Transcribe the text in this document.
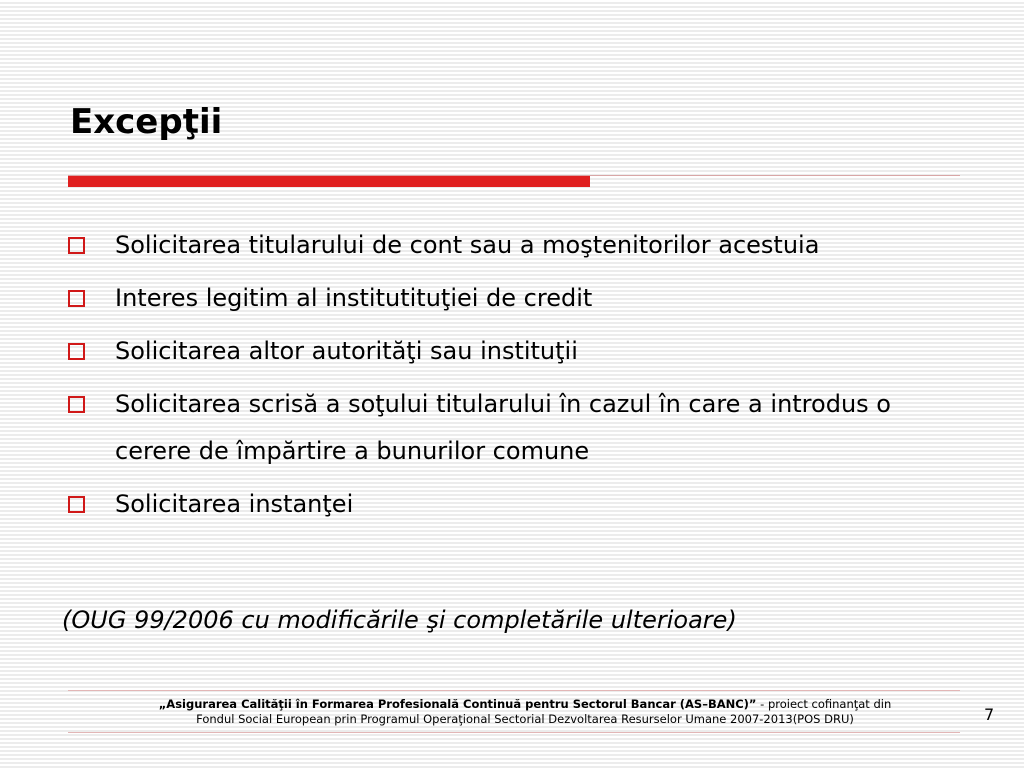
Excepţii
Solicitarea titularului de cont sau a moştenitorilor acestuia
Interes legitim al institutituţiei de credit
Solicitarea altor autorităţi sau instituţii
Solicitarea scrisă a soţului titularului în cazul în care a introdus o cerere de împărtire a bunurilor comune
Solicitarea instanţei

(OUG 99/2006 cu modificările şi completările ulterioare)

„Asigurarea Calităţii în Formarea Profesională Continuă pentru Sectorul Bancar (AS–BANC)” - proiect cofinanţat din
Fondul Social European prin Programul Operaţional Sectorial Dezvoltarea Resurselor Umane 2007-2013(POS DRU)	7
